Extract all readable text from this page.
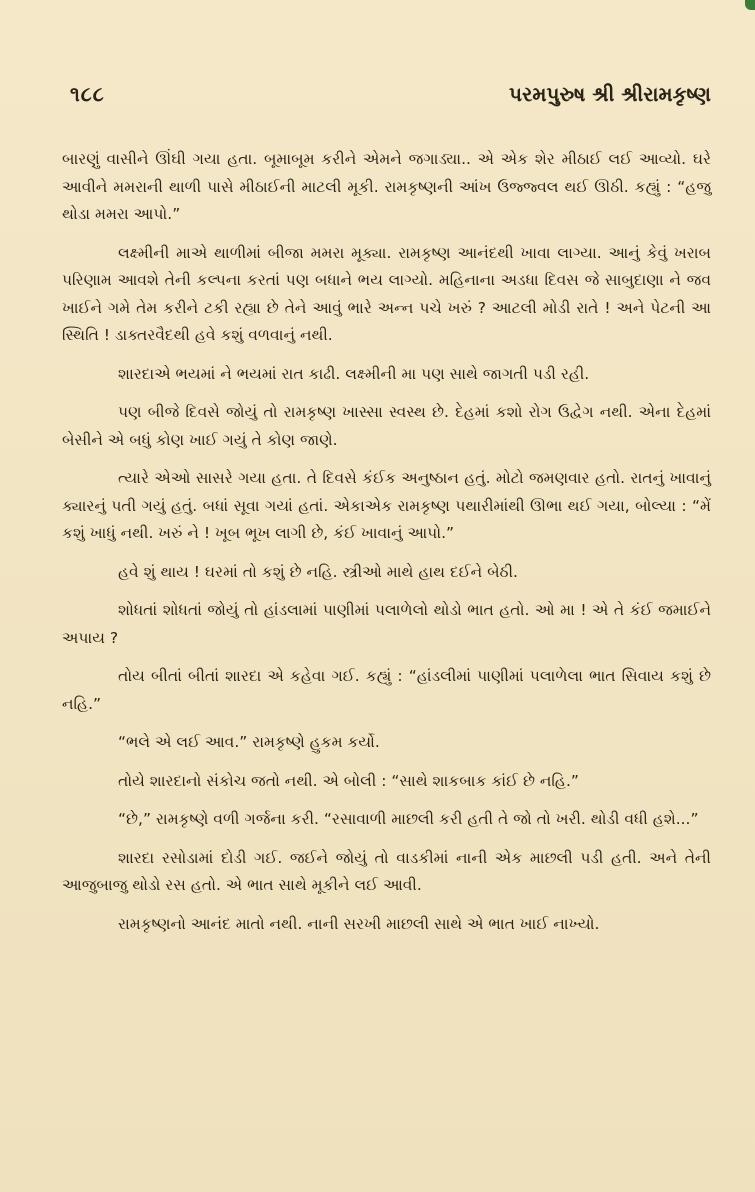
૧૮૮	પરમપુરુષ શ્રી શ્રીરામકૃષ્ણ

બારણું વાસીને ઊંઘી ગયા હતા. બૂમાબૂમ કરીને એમને જગાડ્યા.. એ એક શેર મીઠાઈ લઈ આવ્યો. ઘરે આવીને મમરાની થાળી પાસે મીઠાઈની માટલી મૂકી. રામકૃષ્ણની આંખ ઉજ્જ્વલ થઈ ઊઠી. કહ્યું : “હજુ થોડા મમરા આપો.”

લક્ષ્મીની માએ થાળીમાં બીજા મમરા મૂક્યા. રામકૃષ્ણ આનંદથી ખાવા લાગ્યા. આનું કેવું ખરાબ પરિણામ આવશે તેની કલ્પના કરતાં પણ બધાને ભય લાગ્યો. મહિનાના અડધા દિવસ જે સાબુદાણા ને જવ ખાઈને ગમે તેમ કરીને ટકી રહ્યા છે તેને આવું ભારે અન્ન પચે ખરું ? આટલી મોડી રાતે ! અને પેટની આ સ્થિતિ ! ડાક્તરવૈદથી હવે કશું વળવાનું નથી.

શારદાએ ભયમાં ને ભયમાં રાત કાઢી. લક્ષ્મીની મા પણ સાથે જાગતી પડી રહી.

પણ બીજે દિવસે જોયું તો રામકૃષ્ણ ખાસ્સા સ્વસ્થ છે. દેહમાં કશો રોગ ઉદ્વેગ નથી. એના દેહમાં બેસીને એ બધું કોણ ખાઈ ગયું તે કોણ જાણે.

ત્યારે એઓ સાસરે ગયા હતા. તે દિવસે કંઈક અનુષ્ઠાન હતું. મોટો જમણવાર હતો. રાતનું ખાવાનું ક્યારનું પતી ગયું હતું. બધાં સૂવા ગયાં હતાં. એકાએક રામકૃષ્ણ પથારીમાંથી ઊભા થઈ ગયા, બોલ્યા : “મેં કશું ખાધું નથી. ખરું ને ! ખૂબ ભૂખ લાગી છે, કંઈ ખાવાનું આપો.”

હવે શું થાય ! ઘરમાં તો કશું છે નહિ. સ્ત્રીઓ માથે હાથ દઈને બેઠી.

શોધતાં શોધતાં જોયું તો હાંડલામાં પાણીમાં પલાળેલો થોડો ભાત હતો. ઓ મા ! એ તે કંઈ જમાઈને અપાય ?

તોય બીતાં બીતાં શારદા એ કહેવા ગઈ. કહ્યું : “હાંડલીમાં પાણીમાં પલાળેલા ભાત સિવાય કશું છે નહિ.”

“ભલે એ લઈ આવ.” રામકૃષ્ણે હુકમ કર્યો.

તોયે શારદાનો સંકોચ જતો નથી. એ બોલી : “સાથે શાકબાક કાંઈ છે નહિ.”

“છે,” રામકૃષ્ણે વળી ગર્જના કરી. “રસાવાળી માછલી કરી હતી તે જો તો ખરી. થોડી વધી હશે...”

શારદા રસોડામાં દોડી ગઈ. જઈને જોયું તો વાડકીમાં નાની એક માછલી પડી હતી. અને તેની આજુબાજુ થોડો રસ હતો. એ ભાત સાથે મૂકીને લઈ આવી.

રામકૃષ્ણનો આનંદ માતો નથી. નાની સરખી માછલી સાથે એ ભાત ખાઈ નાખ્યો.
